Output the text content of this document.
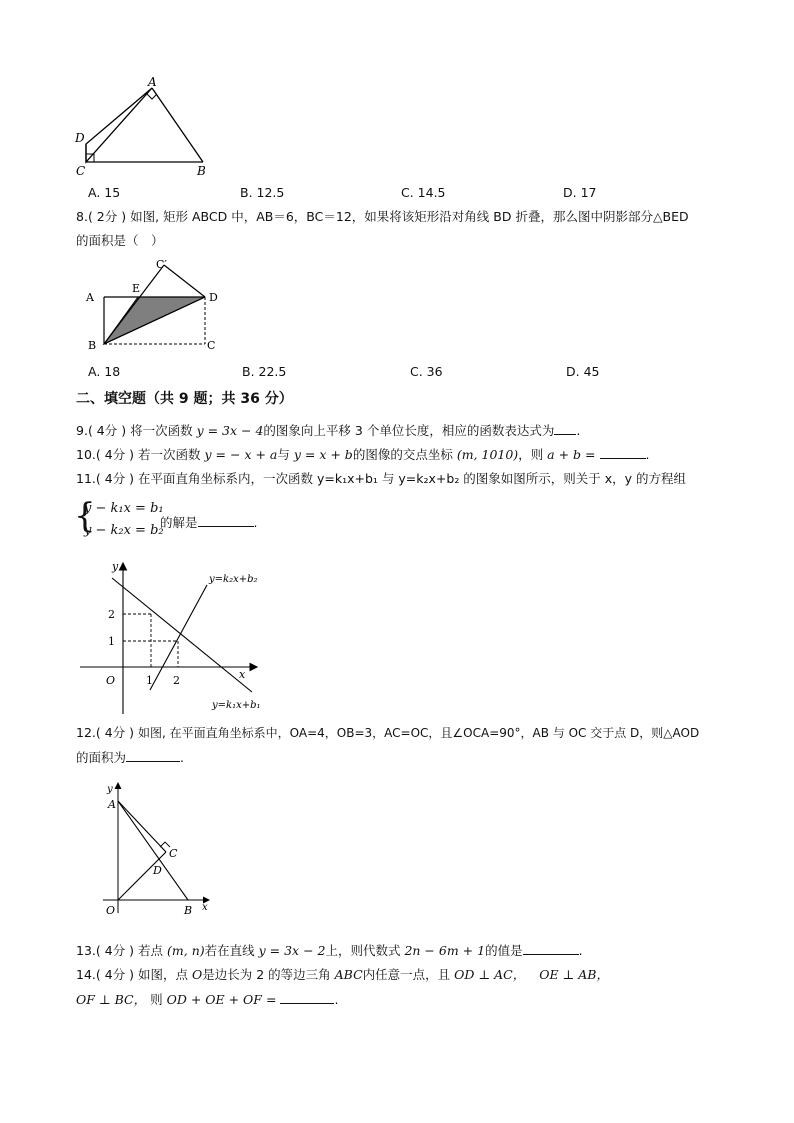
A
D
C	B
A. 15	B. 12.5	C. 14.5	D. 17
8.( 2分 ) 如图, 矩形 ABCD 中，AB＝6，BC＝12，如果将该矩形沿对角线 BD 折叠，那么图中阴影部分△BED
的面积是（　）
A
E
C′
D
B	C
A. 18	B. 22.5	C. 36	D. 45
二、填空题（共 9 题；共 36 分）
9.( 4分 ) 将一次函数 y = 3x − 4的图象向上平移 3 个单位长度，相应的函数表达式为 .
10.( 4分 ) 若一次函数 y = − x + a与 y = x + b的图像的交点坐标 (m, 1010)，则 a + b =	.
11.( 4分 ) 在平面直角坐标系内，一次函数 y=k₁x+b₁ 与 y=k₂x+b₂ 的图象如图所示，则关于 x，y 的方程组
{
y − k₁x = b₁
y − k₂x = b₂
的解是	.
y
x
O	1 2
1
2
y=k₂x+b₂
y=k₁x+b₁
12.( 4分 ) 如图, 在平面直角坐标系中，OA=4，OB=3，AC=OC，且∠OCA=90°，AB 与 OC 交于点 D，则△AOD
的面积为	.
y
A
C
D
O	B x
13.( 4分 ) 若点 (m, n)若在直线 y = 3x − 2上，则代数式 2n − 6m + 1的值是	.
14.( 4分 ) 如图，点 O是边长为 2 的等边三角 ABC内任意一点，且 OD ⊥ AC， OE ⊥ AB，
OF ⊥ BC， 则 OD + OE + OF =	.
